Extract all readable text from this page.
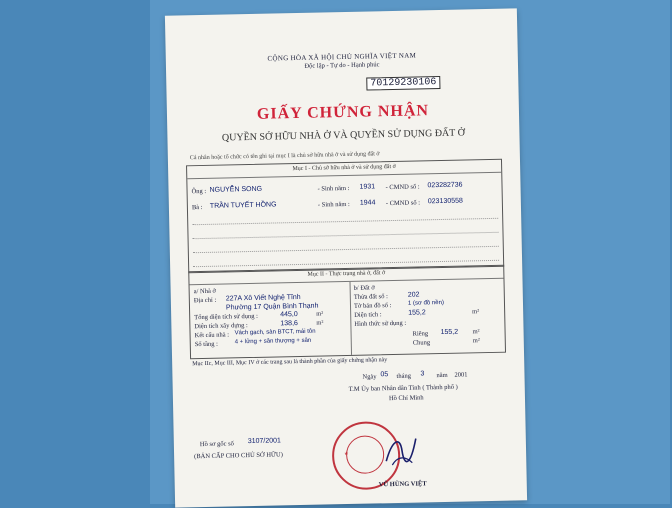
CỘNG HÒA XÃ HỘI CHỦ NGHĨA VIỆT NAM
Độc lập - Tự do - Hạnh phúc
70129230106
GIẤY CHỨNG NHẬN
QUYỀN SỞ HỮU NHÀ Ở VÀ QUYỀN SỬ DỤNG ĐẤT Ở
Cá nhân hoặc tổ chức có tên ghi tại mục I là chủ sở hữu nhà ở và sử dụng đất ở
Mục I - Chủ sở hữu nhà ở và sử dụng đất ở
Ông : NGUYỄN SONG	- Sinh năm : 1931 - CMND số : 023282736
Bà : TRẦN TUYẾT HỒNG	- Sinh năm : 1944 - CMND số : 023130558
Mục II - Thực trạng nhà ở, đất ở
a/ Nhà ở
Địa chỉ : 227A Xô Viết Nghệ Tĩnh
Phường 17 Quận Bình Thạnh
Tổng diện tích sử dụng :	445,0	m²
Diện tích xây dựng :	138,6	m²
Kết cấu nhà : Vách gạch, sàn BTCT, mái tôn
Số tầng :	4 + lửng + sân thượng + sân
b/ Đất ở
Thửa đất số :	202
Tờ bản đồ số :	1 (sơ đồ nền)
Diện tích :	155,2	m²
Hình thức sử dụng :
Riêng 155,2 m²
Chung	m²
Mục IIc, Mục III, Mục IV ở các trang sau là thành phần của giấy chứng nhận này
Ngày 05 tháng 3 năm 2001
T.M Ủy ban Nhân dân Tỉnh ( Thành phố )
Hồ Chí Minh
★
VŨ HÙNG VIỆT
Hồ sơ gốc số 3107/2001
(BẢN CẤP CHO CHỦ SỞ HỮU)
